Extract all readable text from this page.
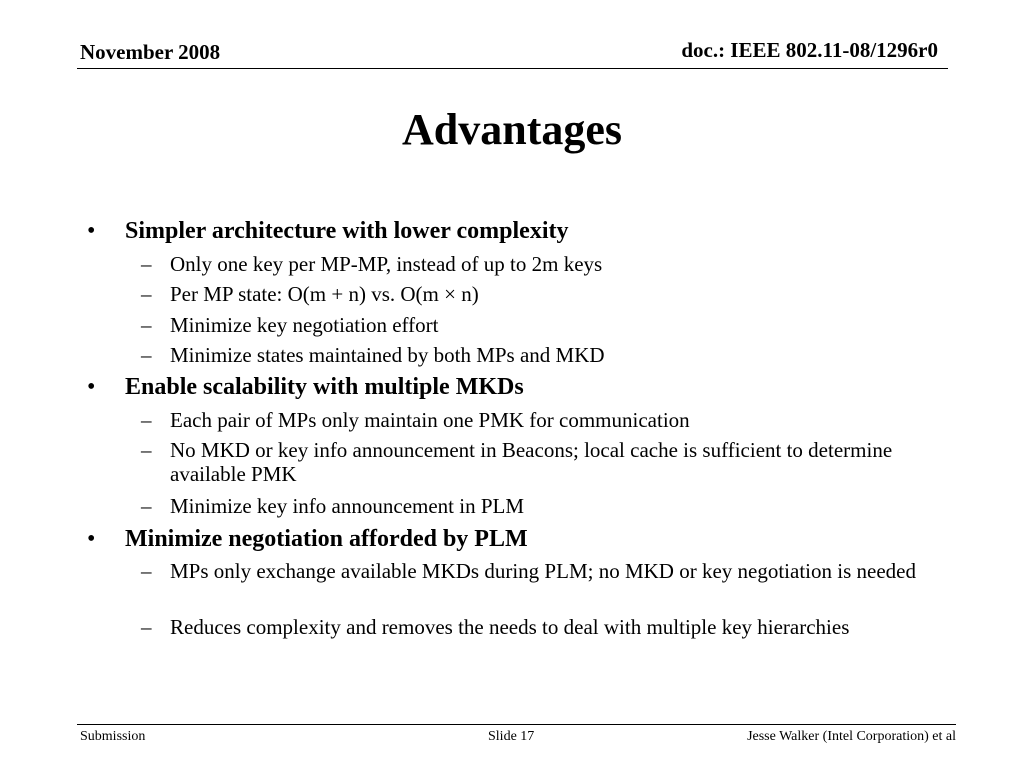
November 2008	doc.: IEEE 802.11-08/1296r0
Advantages
• Simpler architecture with lower complexity
– Only one key per MP-MP, instead of up to 2m keys
– Per MP state: O(m + n) vs. O(m × n)
– Minimize key negotiation effort
– Minimize states maintained by both MPs and MKD
• Enable scalability with multiple MKDs
– Each pair of MPs only maintain one PMK for communication
– No MKD or key info announcement in Beacons; local cache is sufficient to determine available PMK
– Minimize key info announcement in PLM
• Minimize negotiation afforded by PLM
– MPs only exchange available MKDs during PLM; no MKD or key negotiation is needed
– Reduces complexity and removes the needs to deal with multiple key hierarchies
Submission	Slide 17	Jesse Walker (Intel Corporation) et al
